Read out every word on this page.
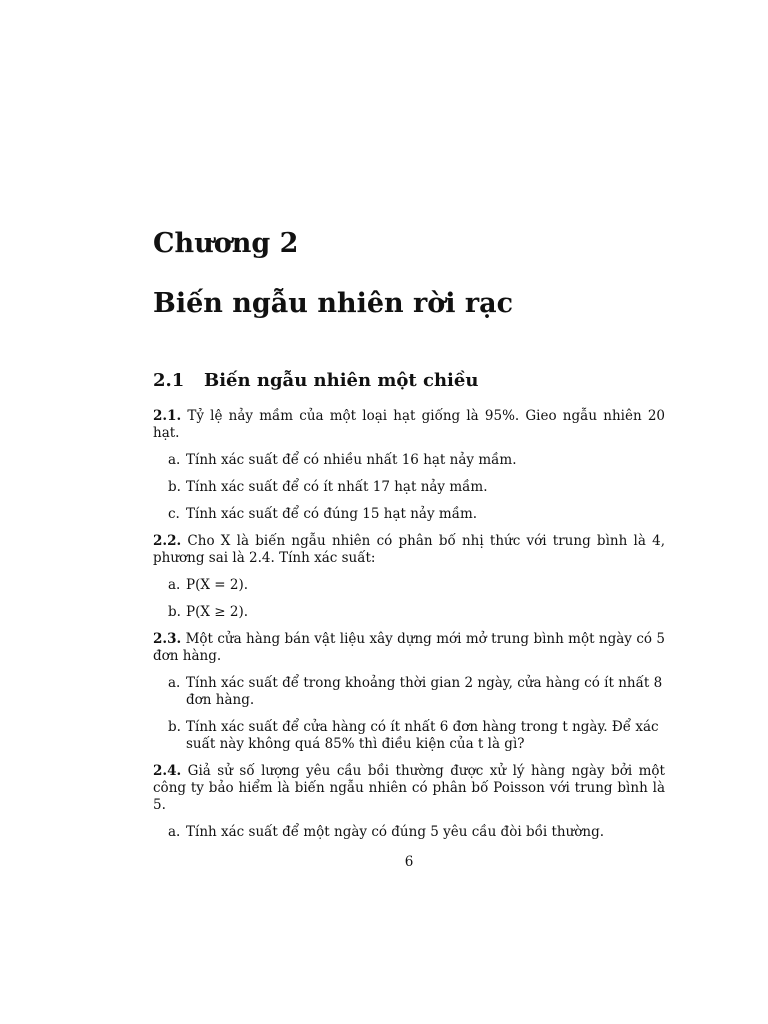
Chương 2
Biến ngẫu nhiên rời rạc
2.1 Biến ngẫu nhiên một chiều

2.1. Tỷ lệ nảy mầm của một loại hạt giống là 95%. Gieo ngẫu nhiên 20 hạt.

a. Tính xác suất để có nhiều nhất 16 hạt nảy mầm.
b. Tính xác suất để có ít nhất 17 hạt nảy mầm.
c. Tính xác suất để có đúng 15 hạt nảy mầm.

2.2. Cho X là biến ngẫu nhiên có phân bố nhị thức với trung bình là 4, phương sai là 2.4. Tính xác suất:

a. P(X = 2).
b. P(X ≥ 2).

2.3. Một cửa hàng bán vật liệu xây dựng mới mở trung bình một ngày có 5 đơn hàng.

a. Tính xác suất để trong khoảng thời gian 2 ngày, cửa hàng có ít nhất 8 đơn hàng.
b. Tính xác suất để cửa hàng có ít nhất 6 đơn hàng trong t ngày. Để xác suất này không quá 85% thì điều kiện của t là gì?

2.4. Giả sử số lượng yêu cầu bồi thường được xử lý hàng ngày bởi một công ty bảo hiểm là biến ngẫu nhiên có phân bố Poisson với trung bình là 5.

a. Tính xác suất để một ngày có đúng 5 yêu cầu đòi bồi thường.
6
